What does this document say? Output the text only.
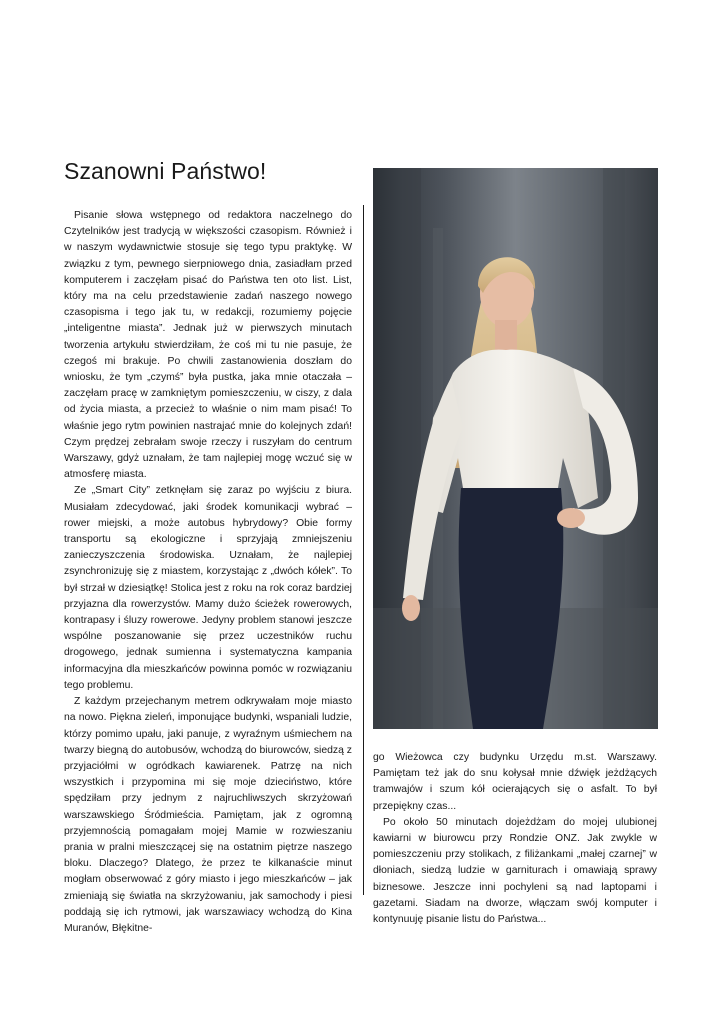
Szanowni Państwo!

Pisanie słowa wstępnego od redaktora naczelnego do Czytelników jest tradycją w większości czasopism. Również i w naszym wydawnictwie stosuje się tego typu praktykę. W związku z tym, pewnego sierpniowego dnia, zasiadłam przed komputerem i zaczęłam pisać do Państwa ten oto list. List, który ma na celu przedstawienie zadań naszego nowego czasopisma i tego jak tu, w redakcji, rozumiemy pojęcie „inteligentne miasta”. Jednak już w pierwszych minutach tworzenia artykułu stwierdziłam, że coś mi tu nie pasuje, że czegoś mi brakuje. Po chwili zastanowienia doszłam do wniosku, że tym „czymś” była pustka, jaka mnie otaczała – zaczęłam pracę w zamkniętym pomieszczeniu, w ciszy, z dala od życia miasta, a przecież to właśnie o nim mam pisać! To właśnie jego rytm powinien nastrajać mnie do kolejnych zdań! Czym prędzej zebrałam swoje rzeczy i ruszyłam do centrum Warszawy, gdyż uznałam, że tam najlepiej mogę wczuć się w atmosferę miasta.

Ze „Smart City” zetknęłam się zaraz po wyjściu z biura. Musiałam zdecydować, jaki środek komunikacji wybrać – rower miejski, a może autobus hybrydowy? Obie formy transportu są ekologiczne i sprzyjają zmniejszeniu zanieczyszczenia środowiska. Uznałam, że najlepiej zsynchronizuję się z miastem, korzystając z „dwóch kółek”. To był strzał w dziesiątkę! Stolica jest z roku na rok coraz bardziej przyjazna dla rowerzystów. Mamy dużo ścieżek rowerowych, kontrapasy i śluzy rowerowe. Jedyny problem stanowi jeszcze wspólne poszanowanie się przez uczestników ruchu drogowego, jednak sumienna i systematyczna kampania informacyjna dla mieszkańców powinna pomóc w rozwiązaniu tego problemu.

Z każdym przejechanym metrem odkrywałam moje miasto na nowo. Piękna zieleń, imponujące budynki, wspaniali ludzie, którzy pomimo upału, jaki panuje, z wyraźnym uśmiechem na twarzy biegną do autobusów, wchodzą do biurowców, siedzą z przyjaciółmi w ogródkach kawiarenek. Patrzę na nich wszystkich i przypomina mi się moje dzieciństwo, które spędziłam przy jednym z najruchliwszych skrzyżowań warszawskiego Śródmieścia. Pamiętam, jak z ogromną przyjemnością pomagałam mojej Mamie w rozwieszaniu prania w pralni mieszczącej się na ostatnim piętrze naszego bloku. Dlaczego? Dlatego, że przez te kilkanaście minut mogłam obserwować z góry miasto i jego mieszkańców – jak zmieniają się światła na skrzyżowaniu, jak samochody i piesi poddają się ich rytmowi, jak warszawiacy wchodzą do Kina Muranów, Błękitne-

go Wieżowca czy budynku Urzędu m.st. Warszawy. Pamiętam też jak do snu kołysał mnie dźwięk jeżdżących tramwajów i szum kół ocierających się o asfalt. To był przepiękny czas...

Po około 50 minutach dojeżdżam do mojej ulubionej kawiarni w biurowcu przy Rondzie ONZ. Jak zwykle w pomieszczeniu przy stolikach, z filiżankami „małej czarnej” w dłoniach, siedzą ludzie w garniturach i omawiają sprawy biznesowe. Jeszcze inni pochyleni są nad laptopami i gazetami. Siadam na dworze, włączam swój komputer i kontynuuję pisanie listu do Państwa...
